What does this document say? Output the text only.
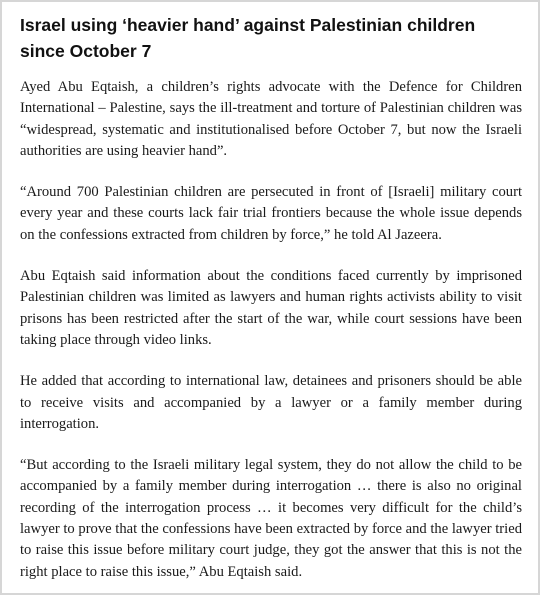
Israel using ‘heavier hand’ against Palestinian children since October 7

Ayed Abu Eqtaish, a children’s rights advocate with the Defence for Children International – Palestine, says the ill-treatment and torture of Palestinian children was “widespread, systematic and institutionalised before October 7, but now the Israeli authorities are using heavier hand”.

“Around 700 Palestinian children are persecuted in front of [Israeli] military court every year and these courts lack fair trial frontiers because the whole issue depends on the confessions extracted from children by force,” he told Al Jazeera.

Abu Eqtaish said information about the conditions faced currently by imprisoned Palestinian children was limited as lawyers and human rights activists ability to visit prisons has been restricted after the start of the war, while court sessions have been taking place through video links.

He added that according to international law, detainees and prisoners should be able to receive visits and accompanied by a lawyer or a family member during interrogation.

“But according to the Israeli military legal system, they do not allow the child to be accompanied by a family member during interrogation … there is also no original recording of the interrogation process … it becomes very difficult for the child’s lawyer to prove that the confessions have been extracted by force and the lawyer tried to raise this issue before military court judge, they got the answer that this is not the right place to raise this issue,” Abu Eqtaish said.
